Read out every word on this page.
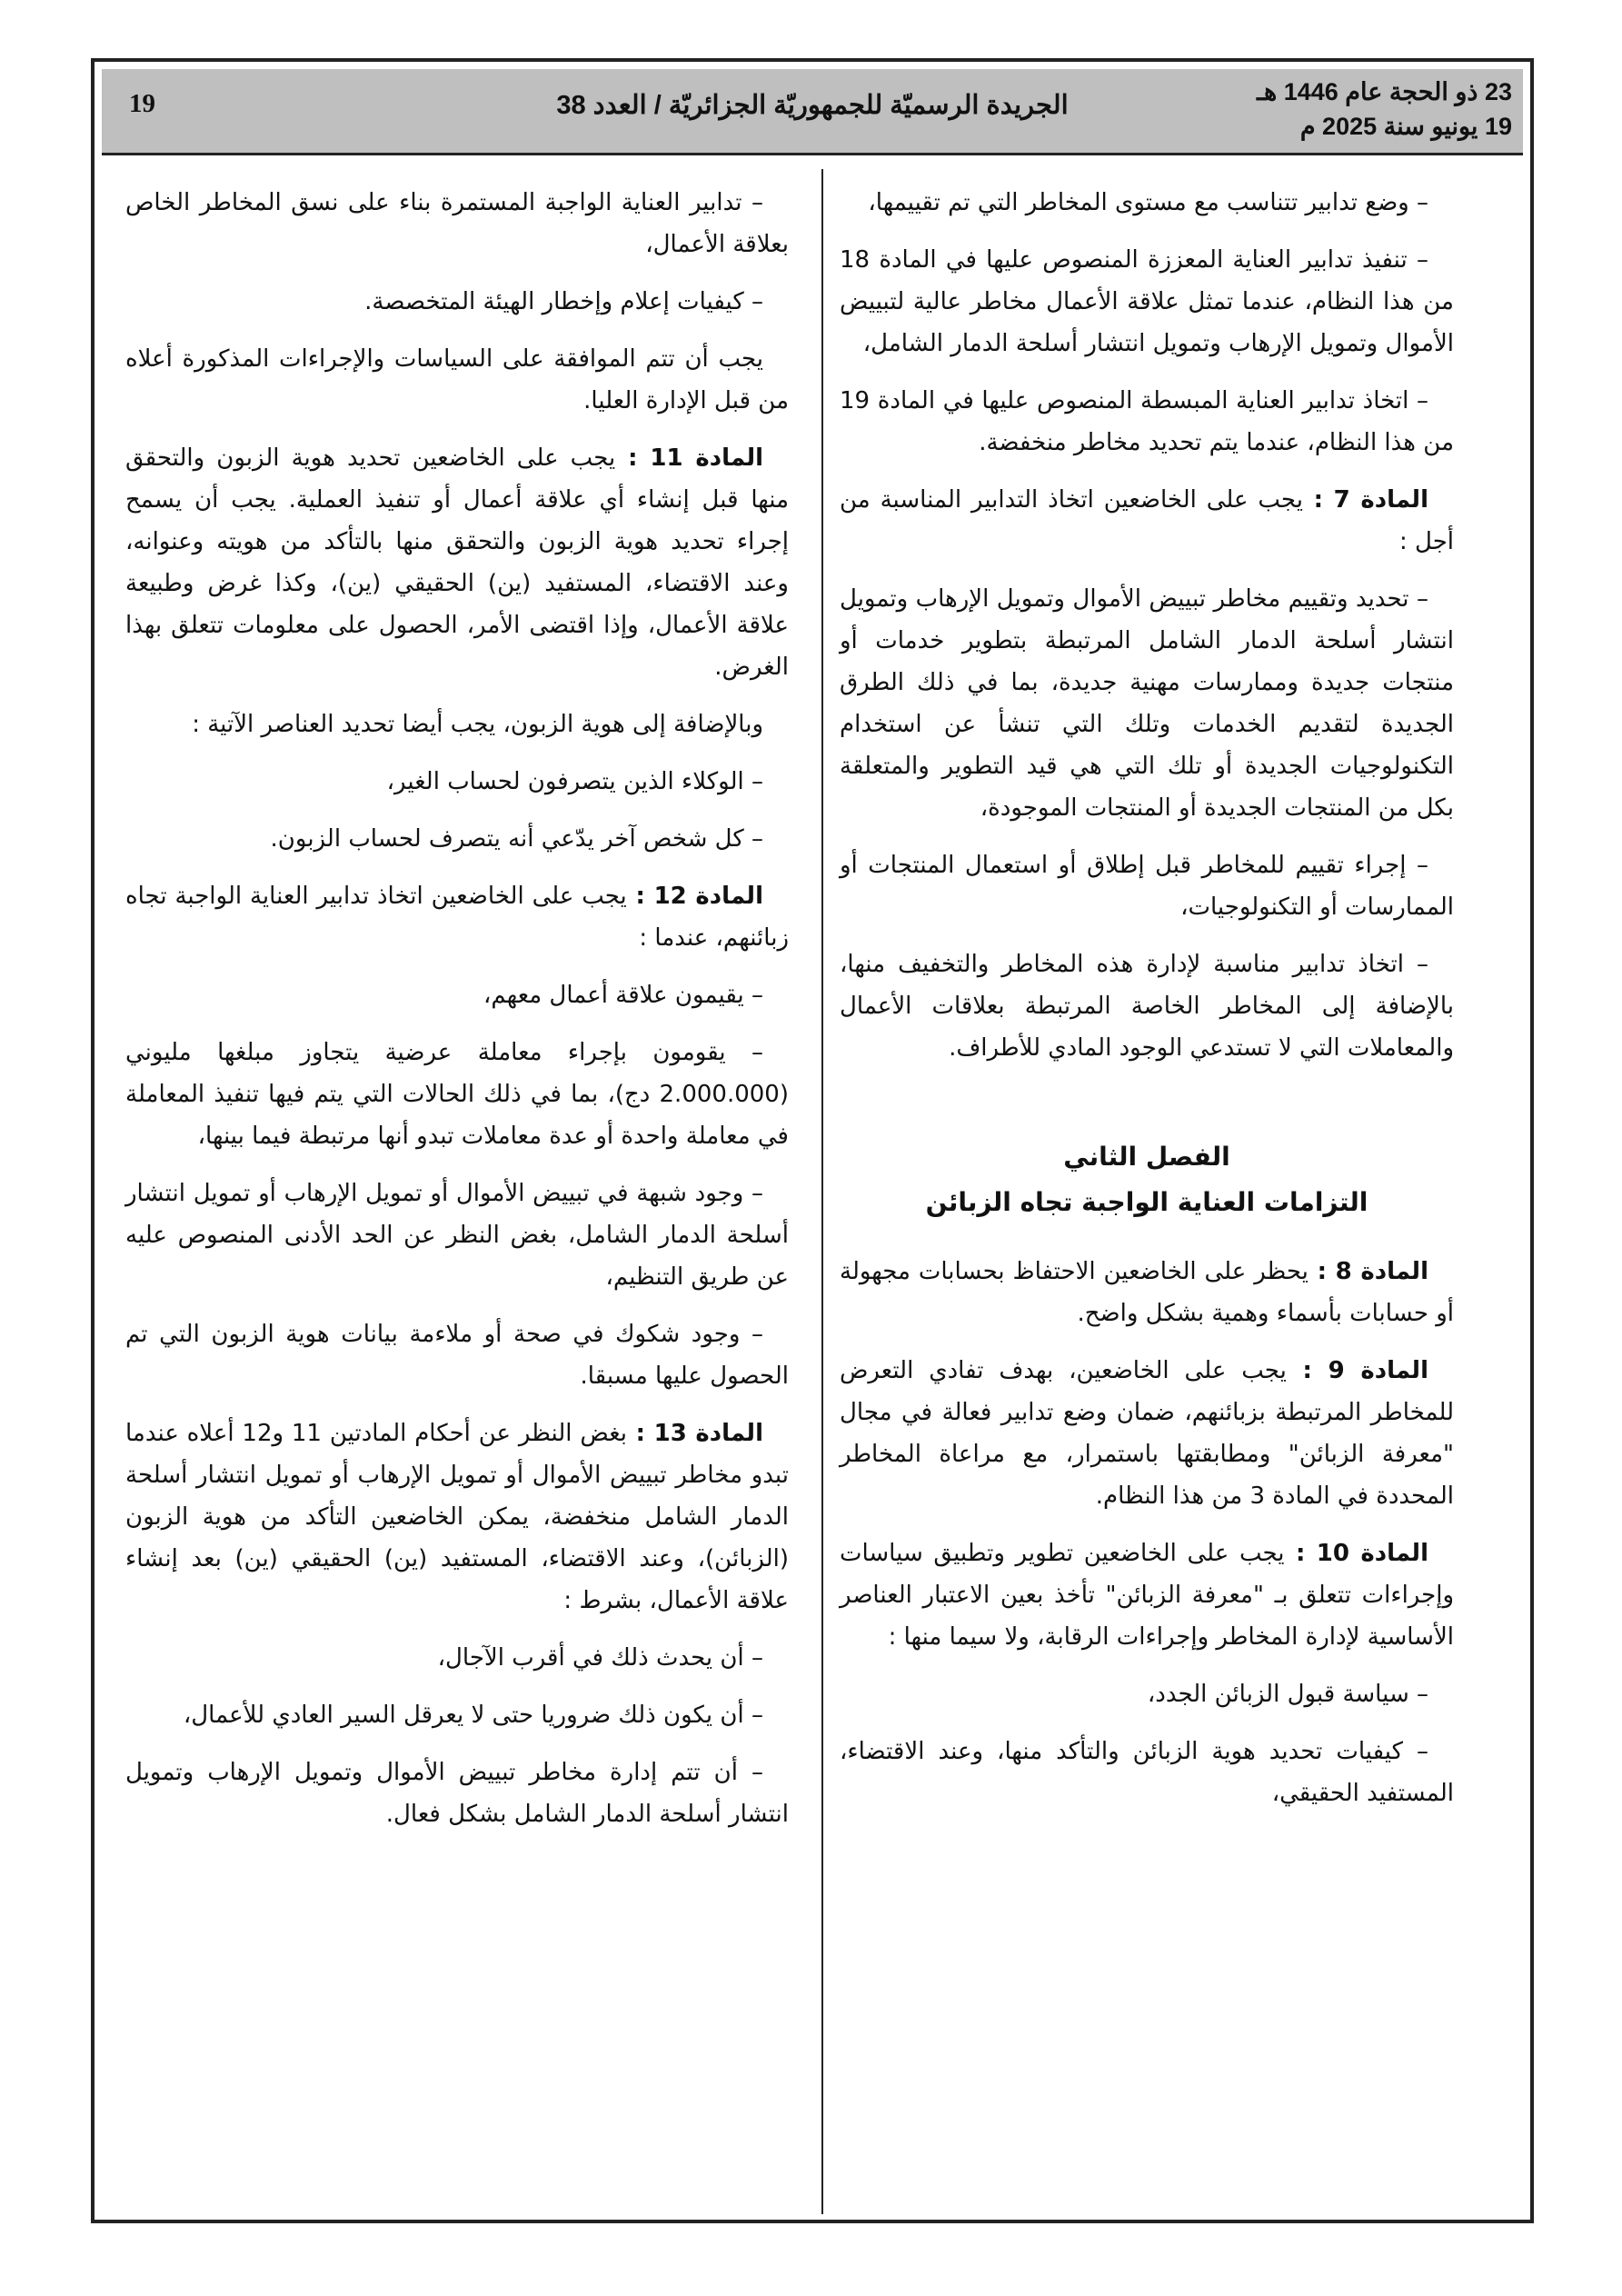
23 ذو الحجة عام 1446 هـ
19 يونيو سنة 2025 م
الجريدة الرسميّة للجمهوريّة الجزائريّة / العدد 38
19

– وضع تدابير تتناسب مع مستوى المخاطر التي تم تقييمها،

– تنفيذ تدابير العناية المعززة المنصوص عليها في المادة 18 من هذا النظام، عندما تمثل علاقة الأعمال مخاطر عالية لتبييض الأموال وتمويل الإرهاب وتمويل انتشار أسلحة الدمار الشامل،

– اتخاذ تدابير العناية المبسطة المنصوص عليها في المادة 19 من هذا النظام، عندما يتم تحديد مخاطر منخفضة.

المادة 7 : يجب على الخاضعين اتخاذ التدابير المناسبة من أجل :

– تحديد وتقييم مخاطر تبييض الأموال وتمويل الإرهاب وتمويل انتشار أسلحة الدمار الشامل المرتبطة بتطوير خدمات أو منتجات جديدة وممارسات مهنية جديدة، بما في ذلك الطرق الجديدة لتقديم الخدمات وتلك التي تنشأ عن استخدام التكنولوجيات الجديدة أو تلك التي هي قيد التطوير والمتعلقة بكل من المنتجات الجديدة أو المنتجات الموجودة،

– إجراء تقييم للمخاطر قبل إطلاق أو استعمال المنتجات أو الممارسات أو التكنولوجيات،

– اتخاذ تدابير مناسبة لإدارة هذه المخاطر والتخفيف منها، بالإضافة إلى المخاطر الخاصة المرتبطة بعلاقات الأعمال والمعاملات التي لا تستدعي الوجود المادي للأطراف.

الفصل الثاني
التزامات العناية الواجبة تجاه الزبائن

المادة 8 : يحظر على الخاضعين الاحتفاظ بحسابات مجهولة أو حسابات بأسماء وهمية بشكل واضح.

المادة 9 : يجب على الخاضعين، بهدف تفادي التعرض للمخاطر المرتبطة بزبائنهم، ضمان وضع تدابير فعالة في مجال "معرفة الزبائن" ومطابقتها باستمرار، مع مراعاة المخاطر المحددة في المادة 3 من هذا النظام.

المادة 10 : يجب على الخاضعين تطوير وتطبيق سياسات وإجراءات تتعلق بـ "معرفة الزبائن" تأخذ بعين الاعتبار العناصر الأساسية لإدارة المخاطر وإجراءات الرقابة، ولا سيما منها :

– سياسة قبول الزبائن الجدد،

– كيفيات تحديد هوية الزبائن والتأكد منها، وعند الاقتضاء، المستفيد الحقيقي،

– تدابير العناية الواجبة المستمرة بناء على نسق المخاطر الخاص بعلاقة الأعمال،

– كيفيات إعلام وإخطار الهيئة المتخصصة.

يجب أن تتم الموافقة على السياسات والإجراءات المذكورة أعلاه من قبل الإدارة العليا.

المادة 11 : يجب على الخاضعين تحديد هوية الزبون والتحقق منها قبل إنشاء أي علاقة أعمال أو تنفيذ العملية. يجب أن يسمح إجراء تحديد هوية الزبون والتحقق منها بالتأكد من هويته وعنوانه، وعند الاقتضاء، المستفيد (ين) الحقيقي (ين)، وكذا غرض وطبيعة علاقة الأعمال، وإذا اقتضى الأمر، الحصول على معلومات تتعلق بهذا الغرض.

وبالإضافة إلى هوية الزبون، يجب أيضا تحديد العناصر الآتية :

– الوكلاء الذين يتصرفون لحساب الغير،

– كل شخص آخر يدّعي أنه يتصرف لحساب الزبون.

المادة 12 : يجب على الخاضعين اتخاذ تدابير العناية الواجبة تجاه زبائنهم، عندما :

– يقيمون علاقة أعمال معهم،

– يقومون بإجراء معاملة عرضية يتجاوز مبلغها مليوني (2.000.000 دج)، بما في ذلك الحالات التي يتم فيها تنفيذ المعاملة في معاملة واحدة أو عدة معاملات تبدو أنها مرتبطة فيما بينها،

– وجود شبهة في تبييض الأموال أو تمويل الإرهاب أو تمويل انتشار أسلحة الدمار الشامل، بغض النظر عن الحد الأدنى المنصوص عليه عن طريق التنظيم،

– وجود شكوك في صحة أو ملاءمة بيانات هوية الزبون التي تم الحصول عليها مسبقا.

المادة 13 : بغض النظر عن أحكام المادتين 11 و12 أعلاه عندما تبدو مخاطر تبييض الأموال أو تمويل الإرهاب أو تمويل انتشار أسلحة الدمار الشامل منخفضة، يمكن الخاضعين التأكد من هوية الزبون (الزبائن)، وعند الاقتضاء، المستفيد (ين) الحقيقي (ين) بعد إنشاء علاقة الأعمال، بشرط :

– أن يحدث ذلك في أقرب الآجال،

– أن يكون ذلك ضروريا حتى لا يعرقل السير العادي للأعمال،

– أن تتم إدارة مخاطر تبييض الأموال وتمويل الإرهاب وتمويل انتشار أسلحة الدمار الشامل بشكل فعال.
